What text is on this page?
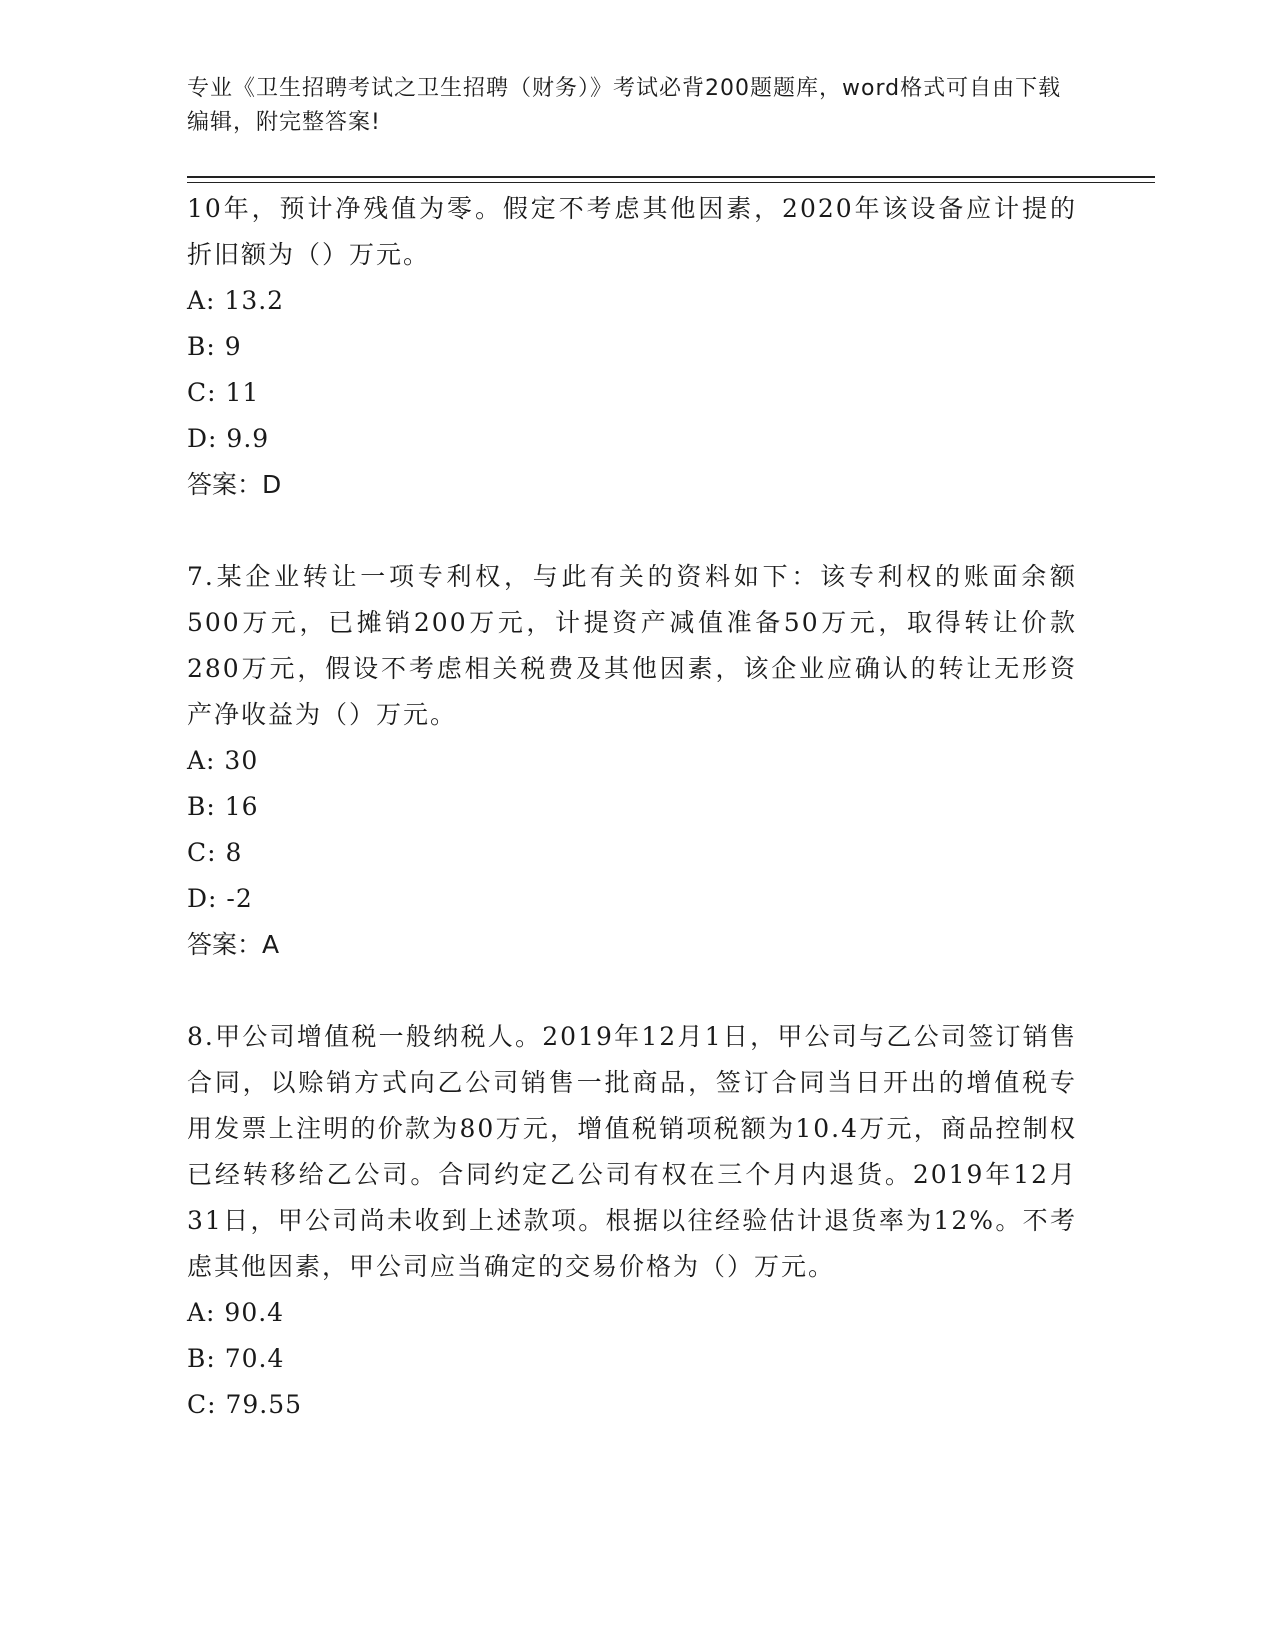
专业《卫生招聘考试之卫生招聘（财务）》考试必背200题题库，word格式可自由下载编辑，附完整答案!

10年，预计净残值为零。假定不考虑其他因素，2020年该设备应计提的折旧额为（）万元。

A: 13.2

B: 9

C: 11

D: 9.9

答案：D

7.某企业转让一项专利权，与此有关的资料如下：该专利权的账面余额500万元，已摊销200万元，计提资产减值准备50万元，取得转让价款280万元，假设不考虑相关税费及其他因素，该企业应确认的转让无形资产净收益为（）万元。

A: 30

B: 16

C: 8

D: -2

答案：A

8.甲公司增值税一般纳税人。2019年12月1日，甲公司与乙公司签订销售合同，以赊销方式向乙公司销售一批商品，签订合同当日开出的增值税专用发票上注明的价款为80万元，增值税销项税额为10.4万元，商品控制权已经转移给乙公司。合同约定乙公司有权在三个月内退货。2019年12月31日，甲公司尚未收到上述款项。根据以往经验估计退货率为12%。不考虑其他因素，甲公司应当确定的交易价格为（）万元。

A: 90.4

B: 70.4

C: 79.55
